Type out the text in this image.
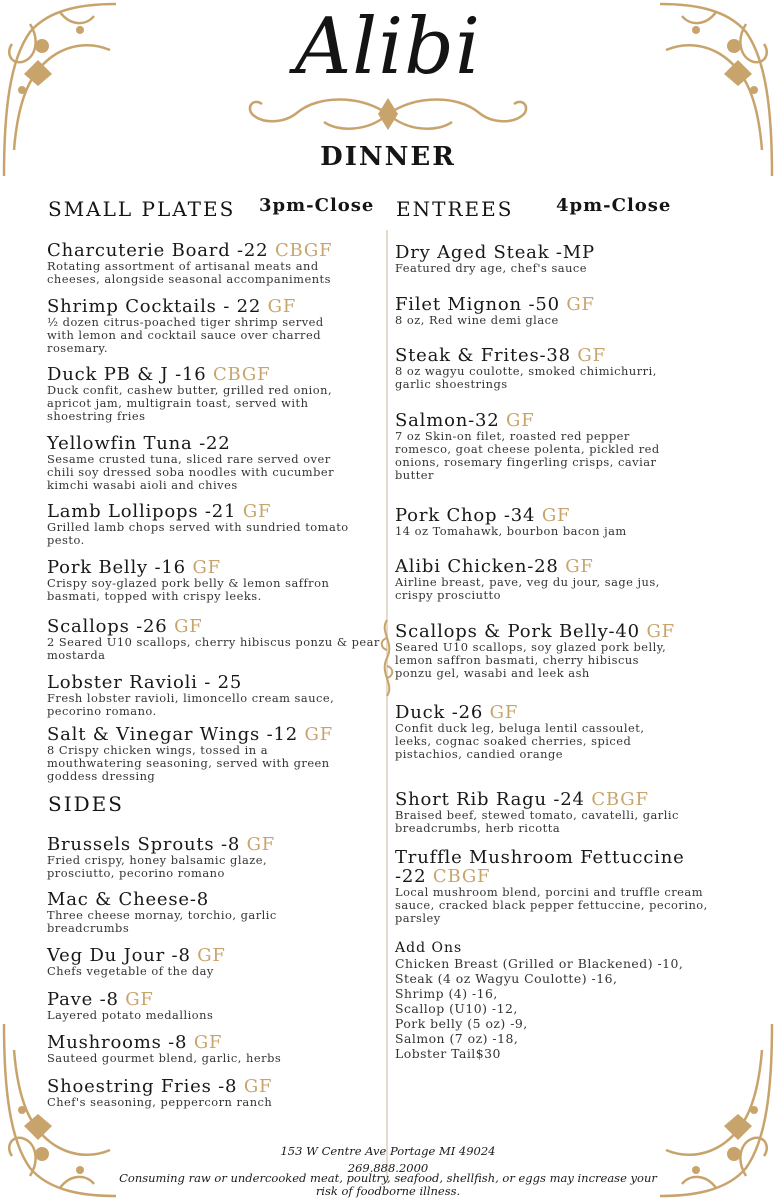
Alibi
DINNER
SMALL PLATES 3pm-Close
Charcuterie Board -22 CBGF
Rotating assortment of artisanal meats and
cheeses, alongside seasonal accompaniments
Shrimp Cocktails - 22 GF
½ dozen citrus-poached tiger shrimp served
with lemon and cocktail sauce over charred
rosemary.
Duck PB & J -16 CBGF
Duck confit, cashew butter, grilled red onion,
apricot jam, multigrain toast, served with
shoestring fries
Yellowfin Tuna -22
Sesame crusted tuna, sliced rare served over
chili soy dressed soba noodles with cucumber
kimchi wasabi aioli and chives
Lamb Lollipops -21 GF
Grilled lamb chops served with sundried tomato
pesto.
Pork Belly -16 GF
Crispy soy-glazed pork belly & lemon saffron
basmati, topped with crispy leeks.
Scallops -26 GF
2 Seared U10 scallops, cherry hibiscus ponzu & pear
mostarda
Lobster Ravioli - 25
Fresh lobster ravioli, limoncello cream sauce,
pecorino romano.
Salt & Vinegar Wings -12 GF
8 Crispy chicken wings, tossed in a
mouthwatering seasoning, served with green
goddess dressing
SIDES
Brussels Sprouts -8 GF
Fried crispy, honey balsamic glaze,
prosciutto, pecorino romano
Mac & Cheese-8
Three cheese mornay, torchio, garlic
breadcrumbs
Veg Du Jour -8 GF
Chefs vegetable of the day
Pave -8 GF
Layered potato medallions
Mushrooms -8 GF
Sauteed gourmet blend, garlic, herbs
Shoestring Fries -8 GF
Chef's seasoning, peppercorn ranch
ENTREES 4pm-Close
Dry Aged Steak -MP
Featured dry age, chef's sauce
Filet Mignon -50 GF
8 oz, Red wine demi glace
Steak & Frites-38 GF
8 oz wagyu coulotte, smoked chimichurri,
garlic shoestrings
Salmon-32 GF
7 oz Skin-on filet, roasted red pepper
romesco, goat cheese polenta, pickled red
onions, rosemary fingerling crisps, caviar
butter
Pork Chop -34 GF
14 oz Tomahawk, bourbon bacon jam
Alibi Chicken-28 GF
Airline breast, pave, veg du jour, sage jus,
crispy prosciutto
Scallops & Pork Belly-40 GF
Seared U10 scallops, soy glazed pork belly,
lemon saffron basmati, cherry hibiscus
ponzu gel, wasabi and leek ash
Duck -26 GF
Confit duck leg, beluga lentil cassoulet,
leeks, cognac soaked cherries, spiced
pistachios, candied orange
Short Rib Ragu -24 CBGF
Braised beef, stewed tomato, cavatelli, garlic
breadcrumbs, herb ricotta
Truffle Mushroom Fettuccine
-22 CBGF
Local mushroom blend, porcini and truffle cream
sauce, cracked black pepper fettuccine, pecorino,
parsley
Add Ons
Chicken Breast (Grilled or Blackened) -10,
Steak (4 oz Wagyu Coulotte) -16,
Shrimp (4) -16,
Scallop (U10) -12,
Pork belly (5 oz) -9,
Salmon (7 oz) -18,
Lobster Tail$30
153 W Centre Ave Portage MI 49024
269.888.2000
Consuming raw or undercooked meat, poultry, seafood, shellfish, or eggs may increase your
risk of foodborne illness.
